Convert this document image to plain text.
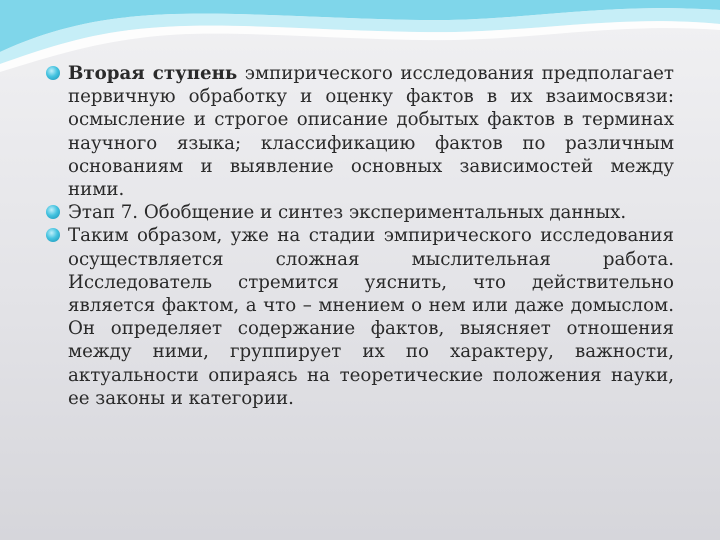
Вторая ступень эмпирического исследования предполагает первичную обработку и оценку фактов в их взаимосвязи: осмысление и строгое описание добытых фактов в терминах научного языка; классификацию фактов по различным основаниям и выявление основных зависимостей между ними.
Этап 7. Обобщение и синтез экспериментальных данных.
Таким образом, уже на стадии эмпирического исследования осуществляется сложная мыслительная работа. Исследователь стремится уяснить, что действительно является фактом, а что – мнением о нем или даже домыслом. Он определяет содержание фактов, выясняет отношения между ними, группирует их по характеру, важности, актуальности опираясь на теоретические положения науки, ее законы и категории.
